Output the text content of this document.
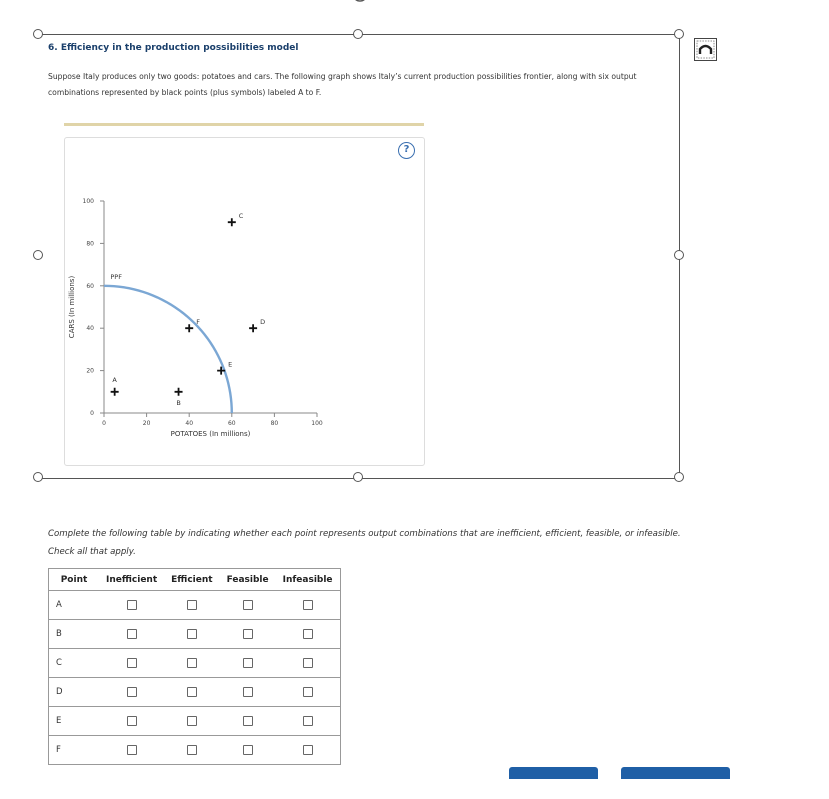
6. Efficiency in the production possibilities model
Suppose Italy produces only two goods: potatoes and cars. The following graph shows Italy’s current production possibilities frontier, along with six output combinations represented by black points (plus symbols) labeled A to F.
?
0	20	40	60	80	100
0
20
40
60
80
100
POTATOES (In millions)
CARS (In millions)	PPF
A
B
C
D
E
F
Complete the following table by indicating whether each point represents output combinations that are inefficient, efficient, feasible, or infeasible.
Check all that apply.
Point	Inefficient	Efficient	Feasible	Infeasible
A				
B				
C				
D				
E				
F				
